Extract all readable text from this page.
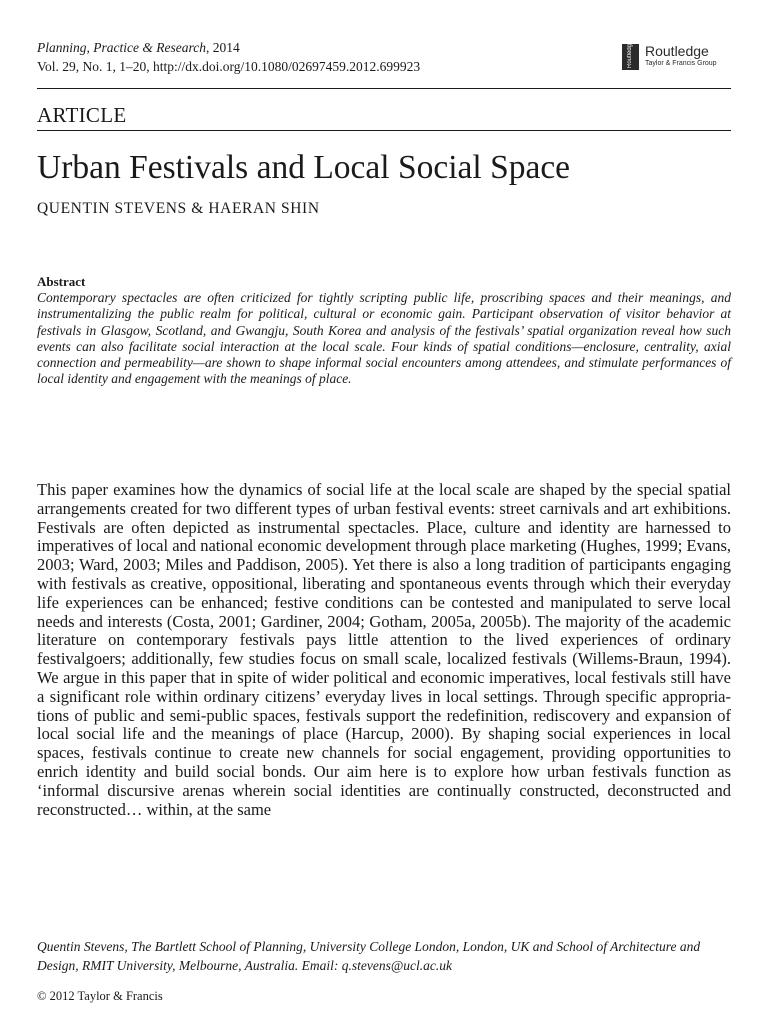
Planning, Practice & Research, 2014
Vol. 29, No. 1, 1–20, http://dx.doi.org/10.1080/02697459.2012.699923	Routledge Routledge
Taylor & Francis Group
ARTICLE
Urban Festivals and Local Social Space
QUENTIN STEVENS & HAERAN SHIN
Abstract
Contemporary spectacles are often criticized for tightly scripting public life, proscribing spaces and their meanings, and instrumentalizing the public realm for political, cultural or economic gain. Participant observation of visitor behavior at festivals in Glasgow, Scotland, and Gwangju, South Korea and analysis of the festivals’ spatial organization reveal how such events can also facilitate social interaction at the local scale. Four kinds of spatial conditions—enclosure, centrality, axial connection and permeability—are shown to shape informal social encounters among attendees, and stimulate performances of local identity and engagement with the meanings of place.
This paper examines how the dynamics of social life at the local scale are shaped by the special spatial arrangements created for two different types of urban festival events: street carnivals and art exhibitions. Festivals are often depicted as instrumental spectacles. Place, culture and identity are harnessed to imperatives of local and national economic development through place marketing (Hughes, 1999; Evans, 2003; Ward, 2003; Miles and Paddison, 2005). Yet there is also a long tradition of participants engaging with festivals as creative, oppositional, liberating and spontaneous events through which their everyday life experiences can be enhanced; festive conditions can be contested and manipulated to serve local needs and interests (Costa, 2001; Gardiner, 2004; Gotham, 2005a, 2005b). The majority of the academic literature on contemporary festivals pays little attention to the lived experiences of ordinary festivalgoers; additionally, few studies focus on small scale, localized festivals (Willems-Braun, 1994). We argue in this paper that in spite of wider political and economic imperatives, local festivals still have a significant role within ordinary citizens’ everyday lives in local settings. Through specific appropriations of public and semi-public spaces, festivals support the redefinition, rediscovery and expansion of local social life and the meanings of place (Harcup, 2000). By shaping social experiences in local spaces, festivals continue to create new channels for social engagement, providing opportunities to enrich identity and build social bonds. Our aim here is to explore how urban festivals function as ‘informal discursive arenas wherein social identities are continually constructed, deconstructed and reconstructed… within, at the same
Quentin Stevens, The Bartlett School of Planning, University College London, London, UK and School of Architecture and Design, RMIT University, Melbourne, Australia. Email: q.stevens@ucl.ac.uk
© 2012 Taylor & Francis
